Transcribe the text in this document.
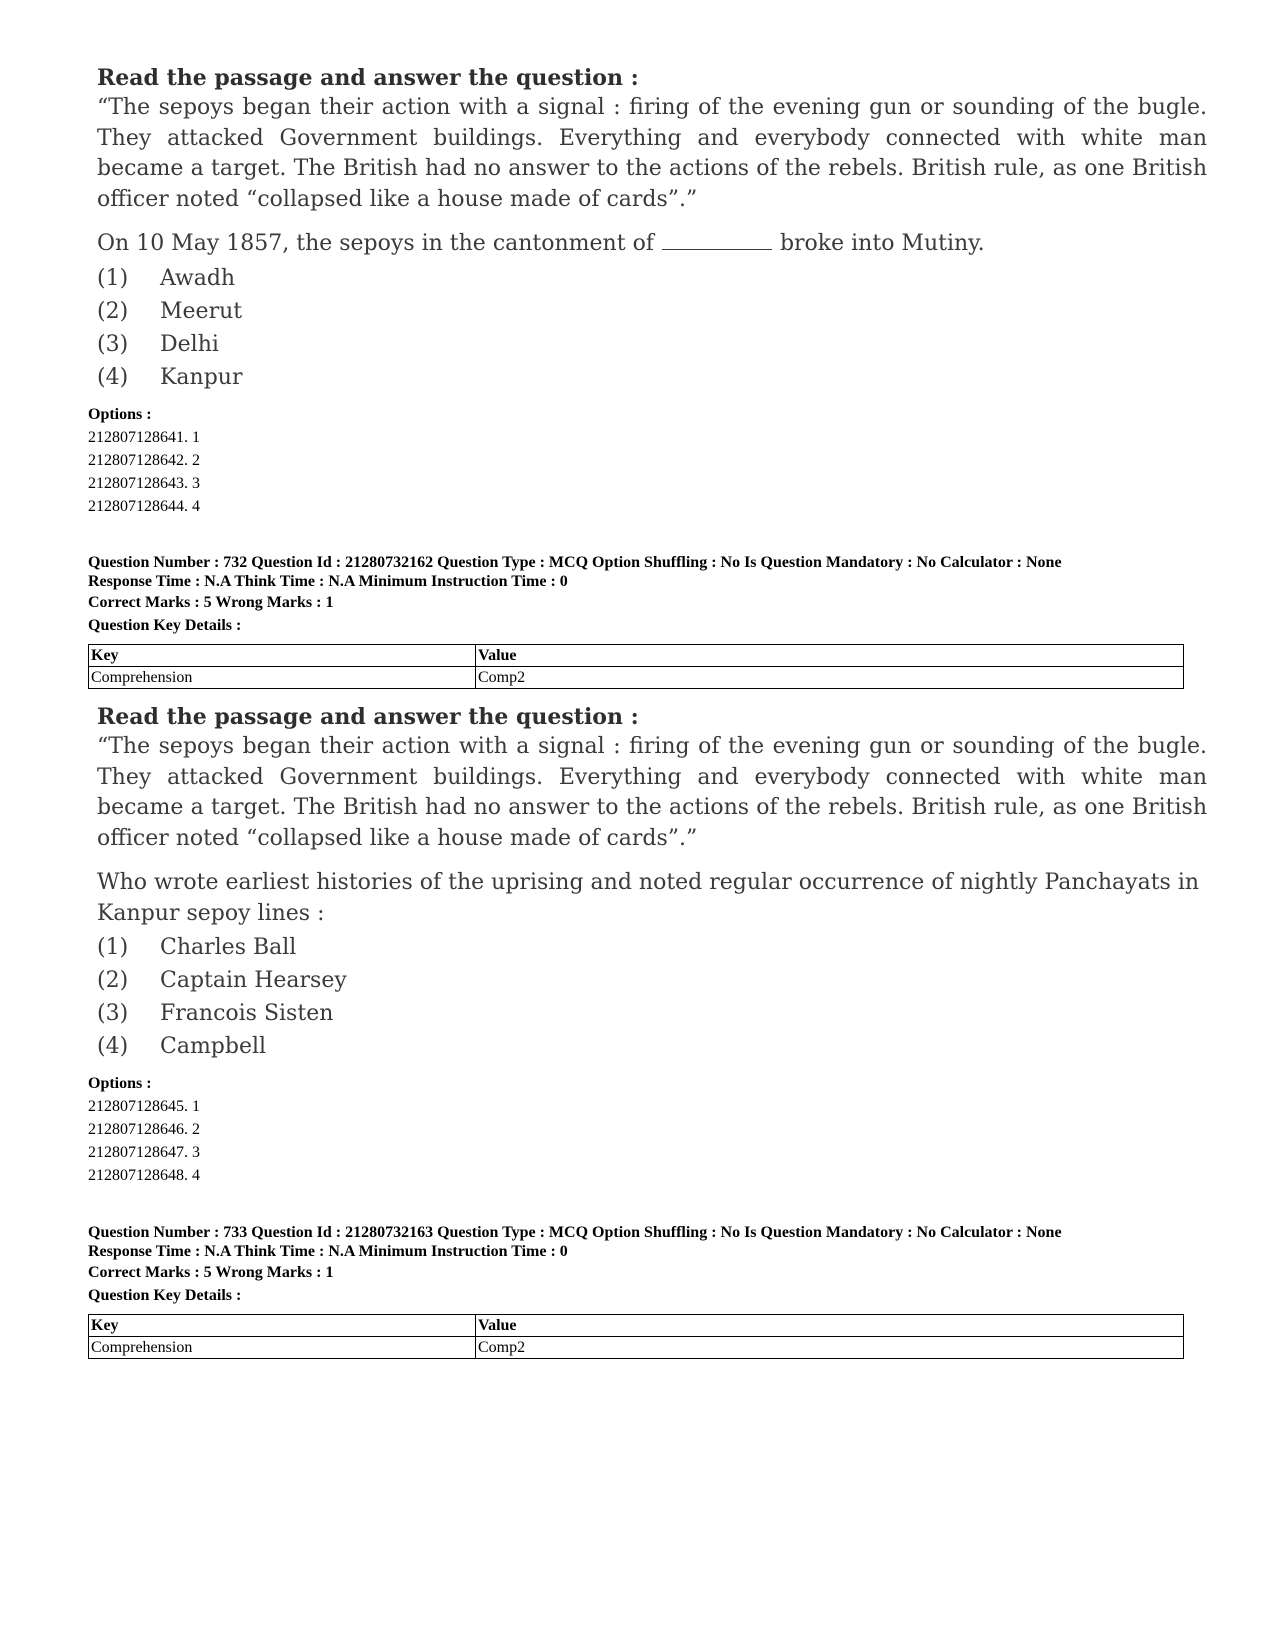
Read the passage and answer the question :

“The sepoys began their action with a signal : firing of the evening gun or sounding of the bugle. They attacked Government buildings. Everything and everybody connected with white man became a target. The British had no answer to the actions of the rebels. British rule, as one British officer noted “collapsed like a house made of cards”.”

On 10 May 1857, the sepoys in the cantonment of	broke into Mutiny.

(1)	Awadh

(2)	Meerut

(3)	Delhi

(4)	Kanpur

Options :

212807128641. 1

212807128642. 2

212807128643. 3

212807128644. 4

Question Number : 732 Question Id : 21280732162 Question Type : MCQ Option Shuffling : No Is Question Mandatory : No Calculator : None

Response Time : N.A Think Time : N.A Minimum Instruction Time : 0

Correct Marks : 5 Wrong Marks : 1

Question Key Details :

Key	Value
Comprehension	Comp2

Read the passage and answer the question :

“The sepoys began their action with a signal : firing of the evening gun or sounding of the bugle. They attacked Government buildings. Everything and everybody connected with white man became a target. The British had no answer to the actions of the rebels. British rule, as one British officer noted “collapsed like a house made of cards”.”

Who wrote earliest histories of the uprising and noted regular occurrence of nightly Panchayats in Kanpur sepoy lines :

(1)	Charles Ball

(2)	Captain Hearsey

(3)	Francois Sisten

(4)	Campbell

Options :

212807128645. 1

212807128646. 2

212807128647. 3

212807128648. 4

Question Number : 733 Question Id : 21280732163 Question Type : MCQ Option Shuffling : No Is Question Mandatory : No Calculator : None

Response Time : N.A Think Time : N.A Minimum Instruction Time : 0

Correct Marks : 5 Wrong Marks : 1

Question Key Details :

Key	Value
Comprehension	Comp2
